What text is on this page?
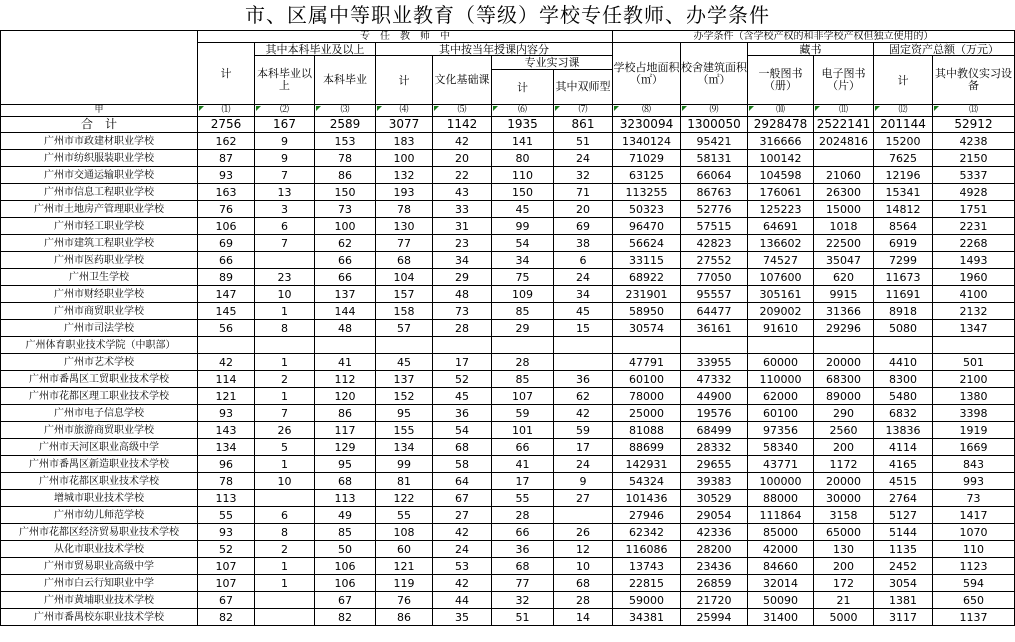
市、区属中等职业教育（等级）学校专任教师、办学条件
	专　任　教　师　中							办学条件（含学校产权的和非学校产权但独立使用的）					
	计	其中本科毕业及以上		其中按当年授课内容分				学校占地面积（㎡）	校舍建筑面积（㎡）	藏书		固定资产总额（万元）	
		本科毕业以上	本科毕业	计	文化基础课	专业实习课				一般图书（册）	电子图书（片）	计	其中教仪实习设备
						计	其中双师型						
甲	⑴	⑵	⑶	⑷	⑸	⑹	⑺	⑻	⑼	⑽	⑾	⑿	⒀
合　计	2756	167	2589	3077	1142	1935	861	3230094	1300050	2928478	2522141	201144	52912
广州市市政建材职业学校	162	9	153	183	42	141	51	1340124	95421	316666	2024816	15200	4238
广州市纺织服装职业学校	87	9	78	100	20	80	24	71029	58131	100142		7625	2150
广州市交通运输职业学校	93	7	86	132	22	110	32	63125	66064	104598	21060	12196	5337
广州市信息工程职业学校	163	13	150	193	43	150	71	113255	86763	176061	26300	15341	4928
广州市土地房产管理职业学校	76	3	73	78	33	45	20	50323	52776	125223	15000	14812	1751
广州市轻工职业学校	106	6	100	130	31	99	69	96470	57515	64691	1018	8564	2231
广州市建筑工程职业学校	69	7	62	77	23	54	38	56624	42823	136602	22500	6919	2268
广州市医药职业学校	66		66	68	34	34	6	33115	27552	74527	35047	7299	1493
广州卫生学校	89	23	66	104	29	75	24	68922	77050	107600	620	11673	1960
广州市财经职业学校	147	10	137	157	48	109	34	231901	95557	305161	9915	11691	4100
广州市商贸职业学校	145	1	144	158	73	85	45	58950	64477	209002	31366	8918	2132
广州市司法学校	56	8	48	57	28	29	15	30574	36161	91610	29296	5080	1347
广州体育职业技术学院（中职部）													
广州市艺术学校	42	1	41	45	17	28		47791	33955	60000	20000	4410	501
广州市番禺区工贸职业技术学校	114	2	112	137	52	85	36	60100	47332	110000	68300	8300	2100
广州市花都区理工职业技术学校	121	1	120	152	45	107	62	78000	44900	62000	89000	5480	1380
广州市电子信息学校	93	7	86	95	36	59	42	25000	19576	60100	290	6832	3398
广州市旅游商贸职业学校	143	26	117	155	54	101	59	81088	68499	97356	2560	13836	1919
广州市天河区职业高级中学	134	5	129	134	68	66	17	88699	28332	58340	200	4114	1669
广州市番禺区新造职业技术学校	96	1	95	99	58	41	24	142931	29655	43771	1172	4165	843
广州市花都区职业技术学校	78	10	68	81	64	17	9	54324	39383	100000	20000	4515	993
增城市职业技术学校	113		113	122	67	55	27	101436	30529	88000	30000	2764	73
广州市幼儿师范学校	55	6	49	55	27	28		27946	29054	111864	3158	5127	1417
广州市花都区经济贸易职业技术学校	93	8	85	108	42	66	26	62342	42336	85000	65000	5144	1070
从化市职业技术学校	52	2	50	60	24	36	12	116086	28200	42000	130	1135	110
广州市贸易职业高级中学	107	1	106	121	53	68	10	13743	23436	84660	200	2452	1123
广州市白云行知职业中学	107	1	106	119	42	77	68	22815	26859	32014	172	3054	594
广州市黄埔职业技术学校	67		67	76	44	32	28	59000	21720	50090	21	1381	650
广州市番禺校东职业技术学校	82		82	86	35	51	14	34381	25994	31400	5000	3117	1137
